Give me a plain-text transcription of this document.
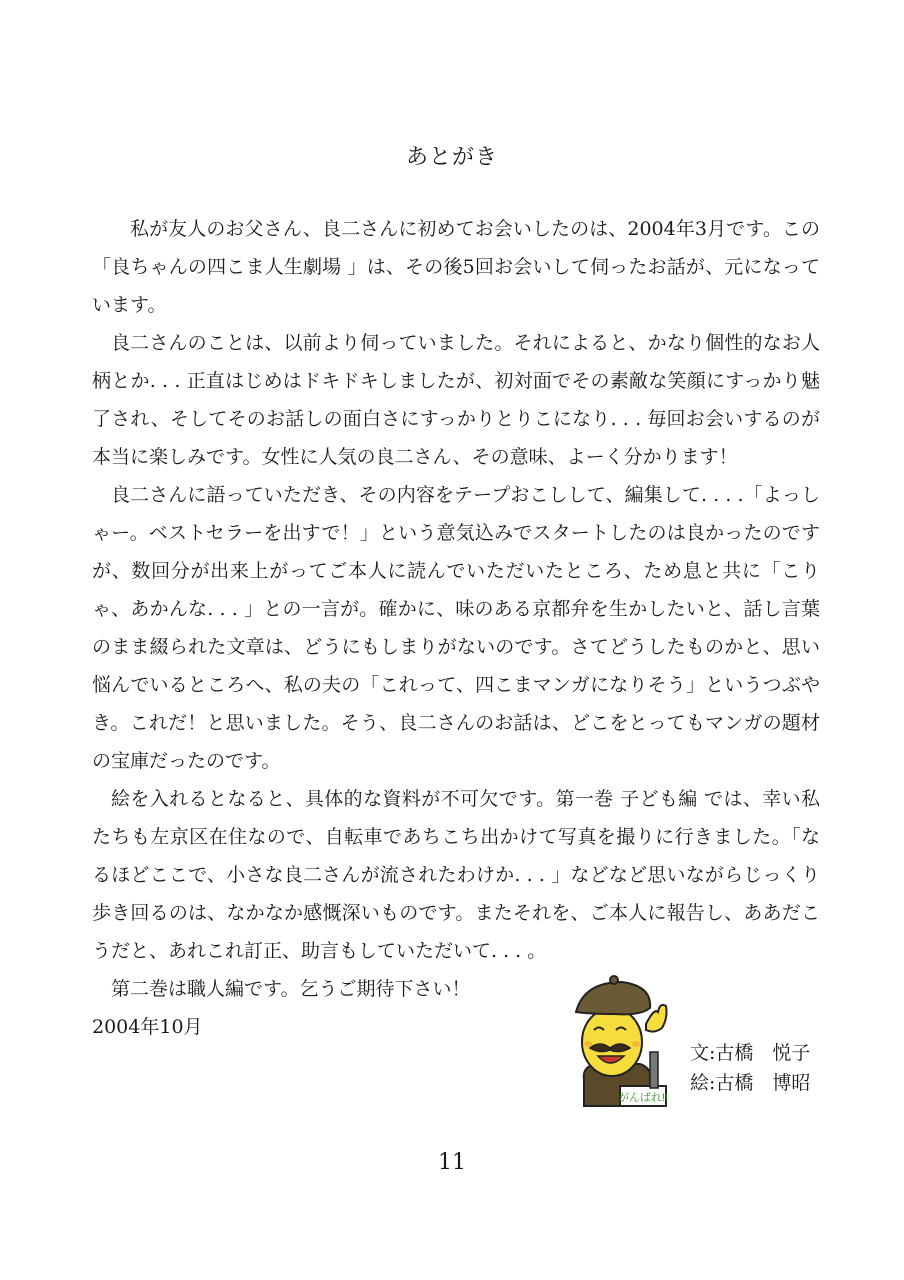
あとがき

私が友人のお父さん、良二さんに初めてお会いしたのは、2004年3月です。この「良ちゃんの四こま人生劇場 」は、その後5回お会いして伺ったお話が、元になっています。

良二さんのことは、以前より伺っていました。それによると、かなり個性的なお人柄とか. . . 正直はじめはドキドキしましたが、初対面でその素敵な笑顔にすっかり魅了され、そしてそのお話しの面白さにすっかりとりこになり. . . 毎回お会いするのが本当に楽しみです。女性に人気の良二さん、その意味、よーく分かります！

良二さんに語っていただき、その内容をテープおこしして、編集して. . . .「よっしゃー。ベストセラーを出すで！」という意気込みでスタートしたのは良かったのですが、数回分が出来上がってご本人に読んでいただいたところ、ため息と共に「こりゃ、あかんな. . . 」との一言が。確かに、味のある京都弁を生かしたいと、話し言葉のまま綴られた文章は、どうにもしまりがないのです。さてどうしたものかと、思い悩んでいるところへ、私の夫の「これって、四こまマンガになりそう」というつぶやき。これだ！と思いました。そう、良二さんのお話は、どこをとってもマンガの題材の宝庫だったのです。

絵を入れるとなると、具体的な資料が不可欠です。第一巻 子ども編 では、幸い私たちも左京区在住なので、自転車であちこち出かけて写真を撮りに行きました。「なるほどここで、小さな良二さんが流されたわけか. . . 」などなど思いながらじっくり歩き回るのは、なかなか感慨深いものです。またそれを、ご本人に報告し、ああだこうだと、あれこれ訂正、助言もしていただいて. . . 。

第二巻は職人編です。乞うご期待下さい！

2004年10月
がんばれ!!
文:古橋　悦子
絵:古橋　博昭
11
